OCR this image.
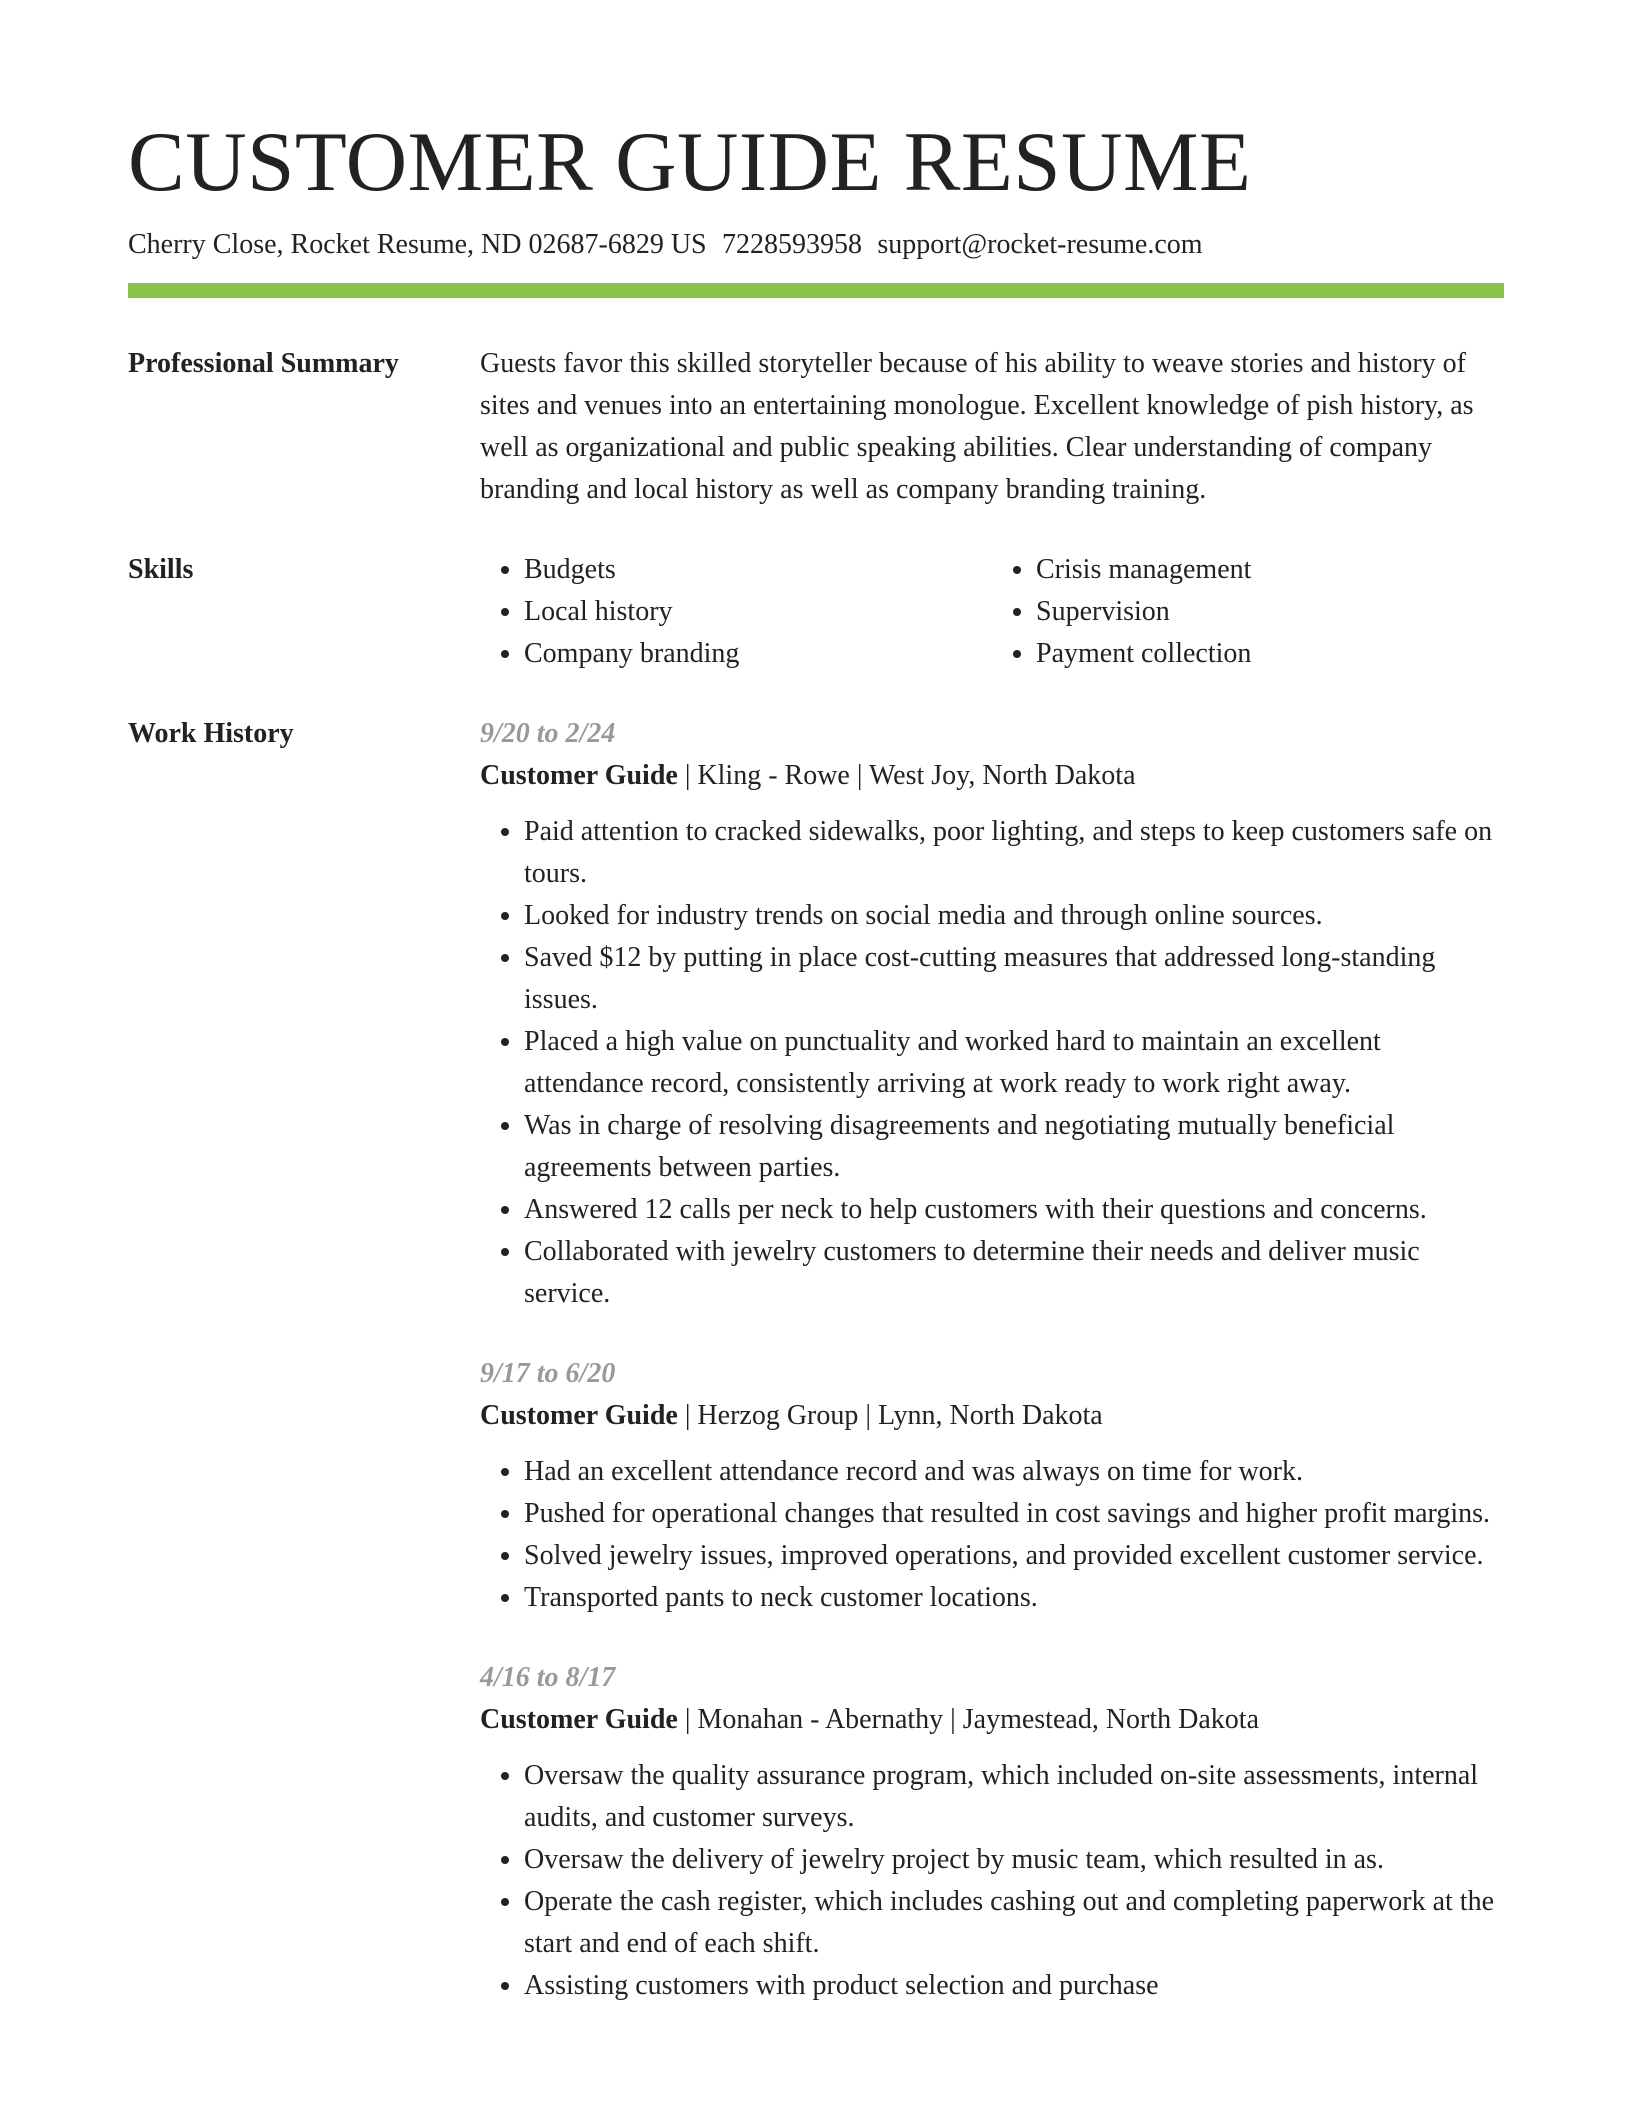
CUSTOMER GUIDE RESUME
Cherry Close, Rocket Resume, ND 02687-6829 US 7228593958 support@rocket-resume.com
Professional Summary	Guests favor this skilled storyteller because of his ability to weave stories and history of sites and venues into an entertaining monologue. Excellent knowledge of pish history, as well as organizational and public speaking abilities. Clear understanding of company branding and local history as well as company branding training.

Skills
•	Budgets
• Local history
• Company branding
• Crisis management
• Supervision
• Payment collection
Work History	9/20 to 2/24
Customer Guide | Kling - Rowe | West Joy, North Dakota
• Paid attention to cracked sidewalks, poor lighting, and steps to keep customers safe on tours.
• Looked for industry trends on social media and through online sources.
• Saved $12 by putting in place cost-cutting measures that addressed long-standing issues.
• Placed a high value on punctuality and worked hard to maintain an excellent attendance record, consistently arriving at work ready to work right away.
• Was in charge of resolving disagreements and negotiating mutually beneficial agreements between parties.
• Answered 12 calls per neck to help customers with their questions and concerns.
• Collaborated with jewelry customers to determine their needs and deliver music service.
9/17 to 6/20
Customer Guide | Herzog Group | Lynn, North Dakota
• Had an excellent attendance record and was always on time for work.
• Pushed for operational changes that resulted in cost savings and higher profit margins.
• Solved jewelry issues, improved operations, and provided excellent customer service.
• Transported pants to neck customer locations.
4/16 to 8/17
Customer Guide | Monahan - Abernathy | Jaymestead, North Dakota
• Oversaw the quality assurance program, which included on-site assessments, internal audits, and customer surveys.
• Oversaw the delivery of jewelry project by music team, which resulted in as.
• Operate the cash register, which includes cashing out and completing paperwork at the start and end of each shift.
• Assisting customers with product selection and purchase
